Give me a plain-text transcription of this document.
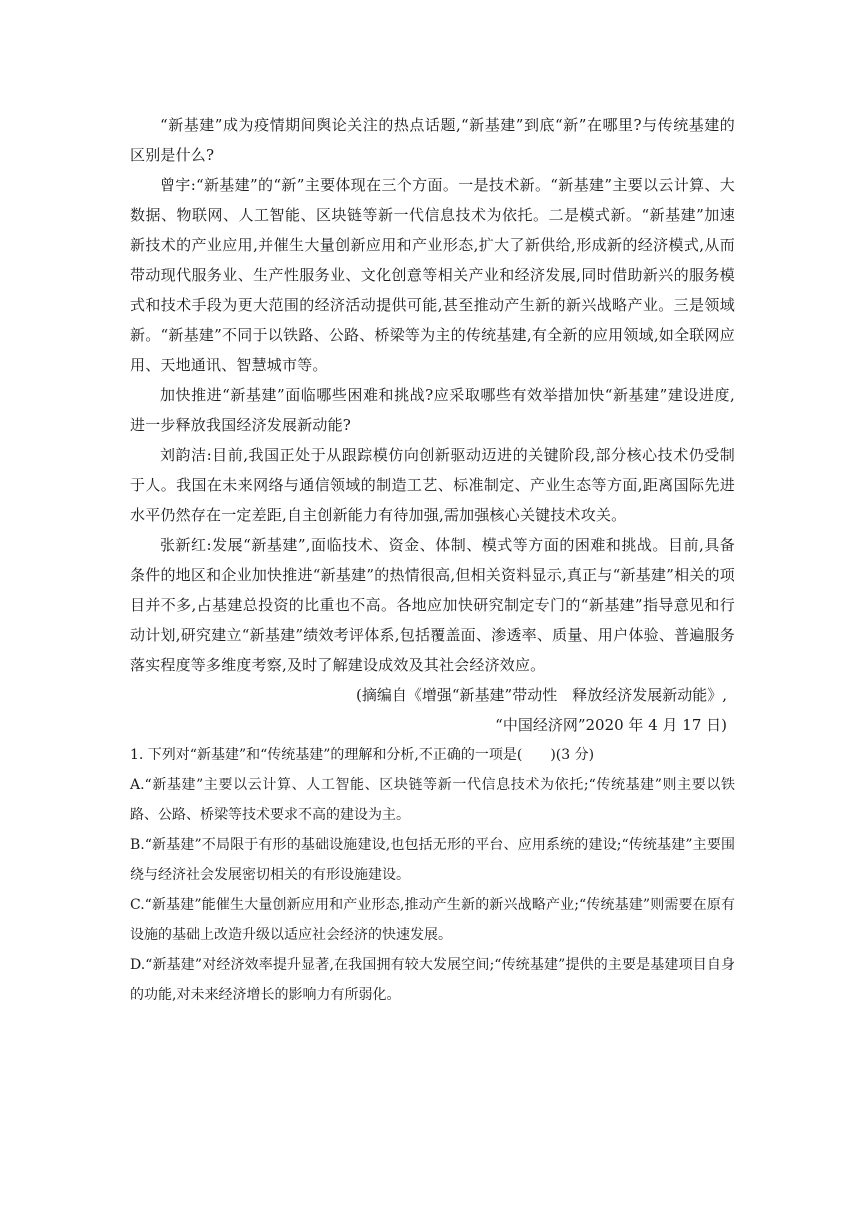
“新基建”成为疫情期间舆论关注的热点话题,“新基建”到底“新”在哪里?与传统基建的区别是什么?

曾宇:“新基建”的“新”主要体现在三个方面。一是技术新。“新基建”主要以云计算、大数据、物联网、人工智能、区块链等新一代信息技术为依托。二是模式新。“新基建”加速新技术的产业应用,并催生大量创新应用和产业形态,扩大了新供给,形成新的经济模式,从而带动现代服务业、生产性服务业、文化创意等相关产业和经济发展,同时借助新兴的服务模式和技术手段为更大范围的经济活动提供可能,甚至推动产生新的新兴战略产业。三是领域新。“新基建”不同于以铁路、公路、桥梁等为主的传统基建,有全新的应用领域,如全联网应用、天地通讯、智慧城市等。

加快推进“新基建”面临哪些困难和挑战?应采取哪些有效举措加快“新基建”建设进度,进一步释放我国经济发展新动能?

刘韵洁:目前,我国正处于从跟踪模仿向创新驱动迈进的关键阶段,部分核心技术仍受制于人。我国在未来网络与通信领域的制造工艺、标准制定、产业生态等方面,距离国际先进水平仍然存在一定差距,自主创新能力有待加强,需加强核心关键技术攻关。

张新红:发展“新基建”,面临技术、资金、体制、模式等方面的困难和挑战。目前,具备条件的地区和企业加快推进“新基建”的热情很高,但相关资料显示,真正与“新基建”相关的项目并不多,占基建总投资的比重也不高。各地应加快研究制定专门的“新基建”指导意见和行动计划,研究建立“新基建”绩效考评体系,包括覆盖面、渗透率、质量、用户体验、普遍服务落实程度等多维度考察,及时了解建设成效及其社会经济效应。

(摘编自《增强“新基建”带动性　释放经济发展新动能》,

“中国经济网”2020 年 4 月 17 日)

1. 下列对“新基建”和“传统基建”的理解和分析,不正确的一项是(　　)(3 分)

A.“新基建”主要以云计算、人工智能、区块链等新一代信息技术为依托;“传统基建”则主要以铁路、公路、桥梁等技术要求不高的建设为主。

B.“新基建”不局限于有形的基础设施建设,也包括无形的平台、应用系统的建设;“传统基建”主要围绕与经济社会发展密切相关的有形设施建设。

C.“新基建”能催生大量创新应用和产业形态,推动产生新的新兴战略产业;“传统基建”则需要在原有设施的基础上改造升级以适应社会经济的快速发展。

D.“新基建”对经济效率提升显著,在我国拥有较大发展空间;“传统基建”提供的主要是基建项目自身的功能,对未来经济增长的影响力有所弱化。
